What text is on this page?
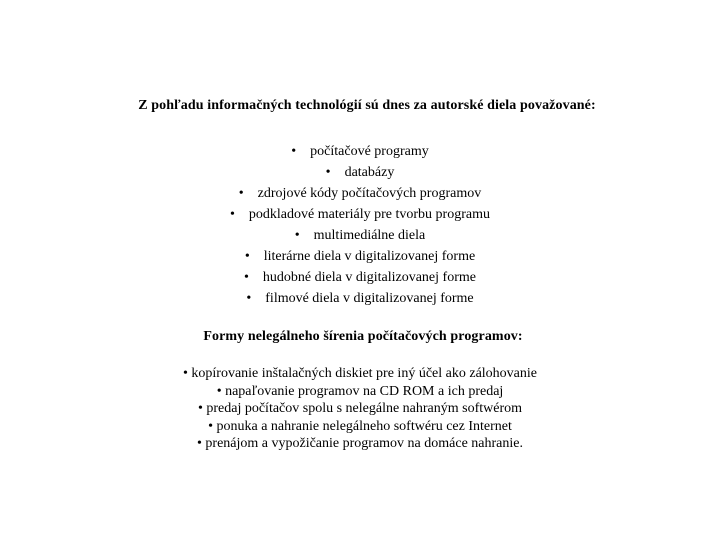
Z pohľadu informačných technológií sú dnes za autorské diela považované:
• počítačové programy
• databázy
• zdrojové kódy počítačových programov
• podkladové materiály pre tvorbu programu
• multimediálne diela
• literárne diela v digitalizovanej forme
• hudobné diela v digitalizovanej forme
• filmové diela v digitalizovanej forme
Formy nelegálneho šírenia počítačových programov:
• kopírovanie inštalačných diskiet pre iný účel ako zálohovanie
• napaľovanie programov na CD ROM a ich predaj
• predaj počítačov spolu s nelegálne nahraným softwérom
• ponuka a nahranie nelegálneho softwéru cez Internet
• prenájom a vypožičanie programov na domáce nahranie.
